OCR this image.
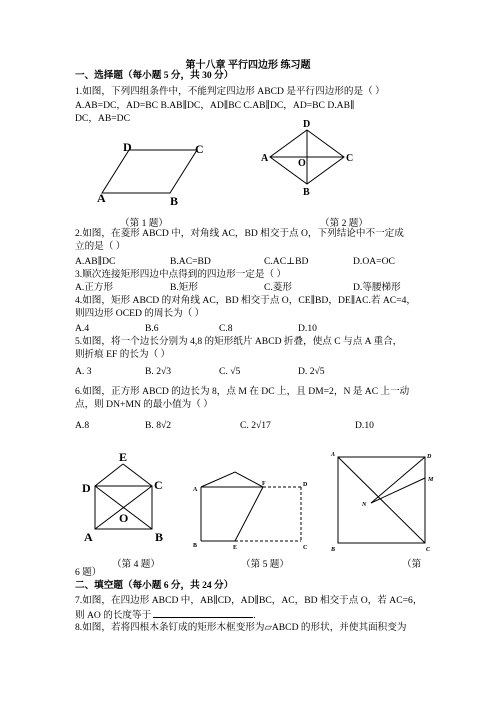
第十八章 平行四边形 练习题
一、选择题（每小题 5 分，共 30 分）
1.如图，下列四组条件中，不能判定四边形 ABCD 是平行四边形的是（ ）
A.AB=DC，AD=BC B.AB∥DC，AD∥BC C.AB∥DC，AD=BC D.AB∥
DC，AB=DC
D	C
A	B
D
A	C
O
B
（第 1 题）	（第 2 题）
2.如图，在菱形 ABCD 中，对角线 AC，BD 相交于点 O，下列结论中不一定成
立的是（ ）
A.AB∥DC	B.AC=BD	C.AC⊥BD	D.OA=OC
3.顺次连接矩形四边中点得到的四边形一定是（ ）
A.正方形	B.矩形	C.菱形	D.等腰梯形
4.如图，矩形 ABCD 的对角线 AC，BD 相交于点 O，CE∥BD，DE∥AC.若 AC=4，
则四边形 OCED 的周长为（ ）
A.4	B.6	C.8	D.10
5.如图，将一个边长分别为 4,8 的矩形纸片 ABCD 折叠，使点 C 与点 A 重合，
则折痕 EF 的长为（ ）
A. 3	B. 2√3	C. √5	D. 2√5
6.如图，正方形 ABCD 的边长为 8，点 M 在 DC 上，且 DM=2，N 是 AC 上一动
点，则 DN+MN 的最小值为（ ）
A.8	B. 8√2	C. 2√17	D.10
E
D	C
O
A	B
A
F	D
B	E	C
A	D
M
N
B	C
（第 4 题）	（第 5 题）	（第
6 题）
二、填空题（每小题 6 分，共 24 分）
7.如图，在四边形 ABCD 中，AB∥CD，AD∥BC，AC，BD 相交于点 O，若 AC=6，
则 AO 的长度等于	.
8.如图，若将四根木条钉成的矩形木框变形为▱ABCD 的形状，并使其面积变为
